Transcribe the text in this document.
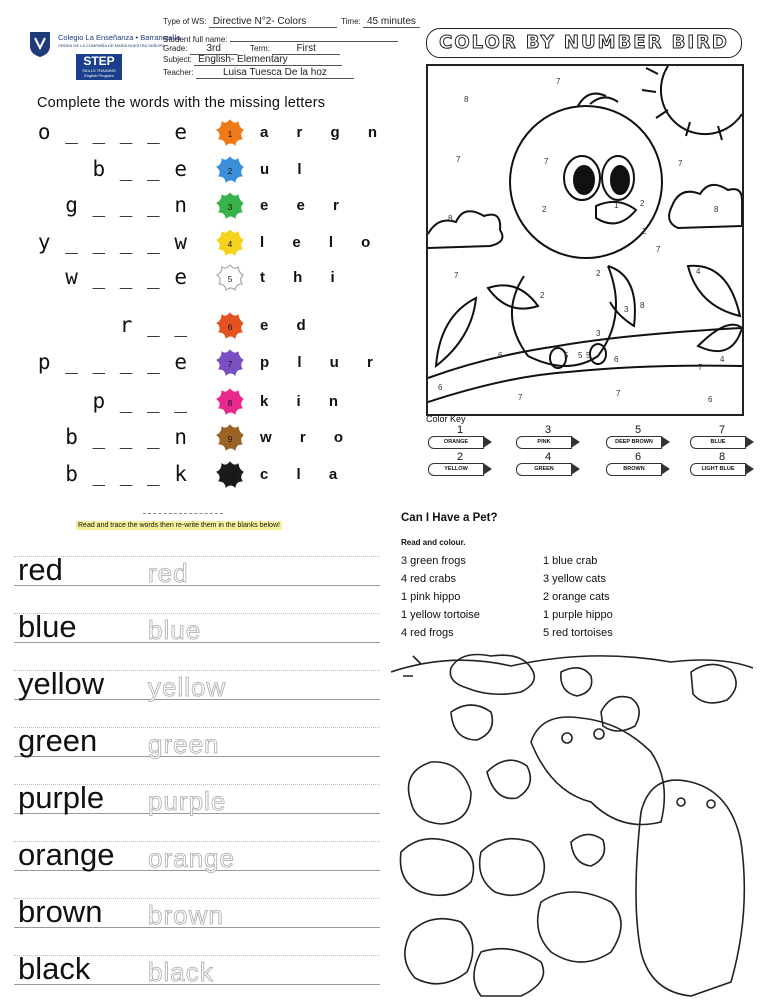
Colegio La Enseñanza • Barranquilla
ORDEN DE LA COMPAÑÍA DE MARÍA NUESTRA SEÑORA
STEP
SKILLS TRAINING
English Program
Type of WS: Directive N°2- Colors	Time: 45 minutes
Student full name:
Grade: 3rd	Term:	First
Subject: English- Elementary
Teacher:	Luisa Tuesca De la hoz
Complete the words with the missing letters
o _ _ _ _ e	1 a r g n
b _ _ e	2 u l
g _ _ _ n	3 e e r
y _ _ _ _ w	4 l e l o
w _ _ _ e	5 t h i
r _ _	6 e d
p _ _ _ _ e	7 p l u r
p _ _ _	8 k i n
b _ _ _ n	9 w r o
b _ _ _ k	10 c l a
COLOR BY NUMBER BIRD
7
8
7	7
8
2	1	2
2
8
7
2
2
7	4
3
3
5 5 5	6
6
7
4
7
6
7
8
7
6
Color Key
1
ORANGE
3
PINK
5
DEEP BROWN
7
BLUE
2
YELLOW
4
GREEN
6
BROWN
8
LIGHT BLUE
Read and trace the words then re-write them in the blanks below!
red	red
blue	blue
yellow yellow
green green
purple purple
orange orange
brown brown
black black
Can I Have a Pet?
Read and colour.
3 green frogs
4 red crabs
1 pink hippo
1 yellow tortoise
4 red frogs
1 blue crab
3 yellow cats
2 orange cats
1 purple hippo
5 red tortoises
